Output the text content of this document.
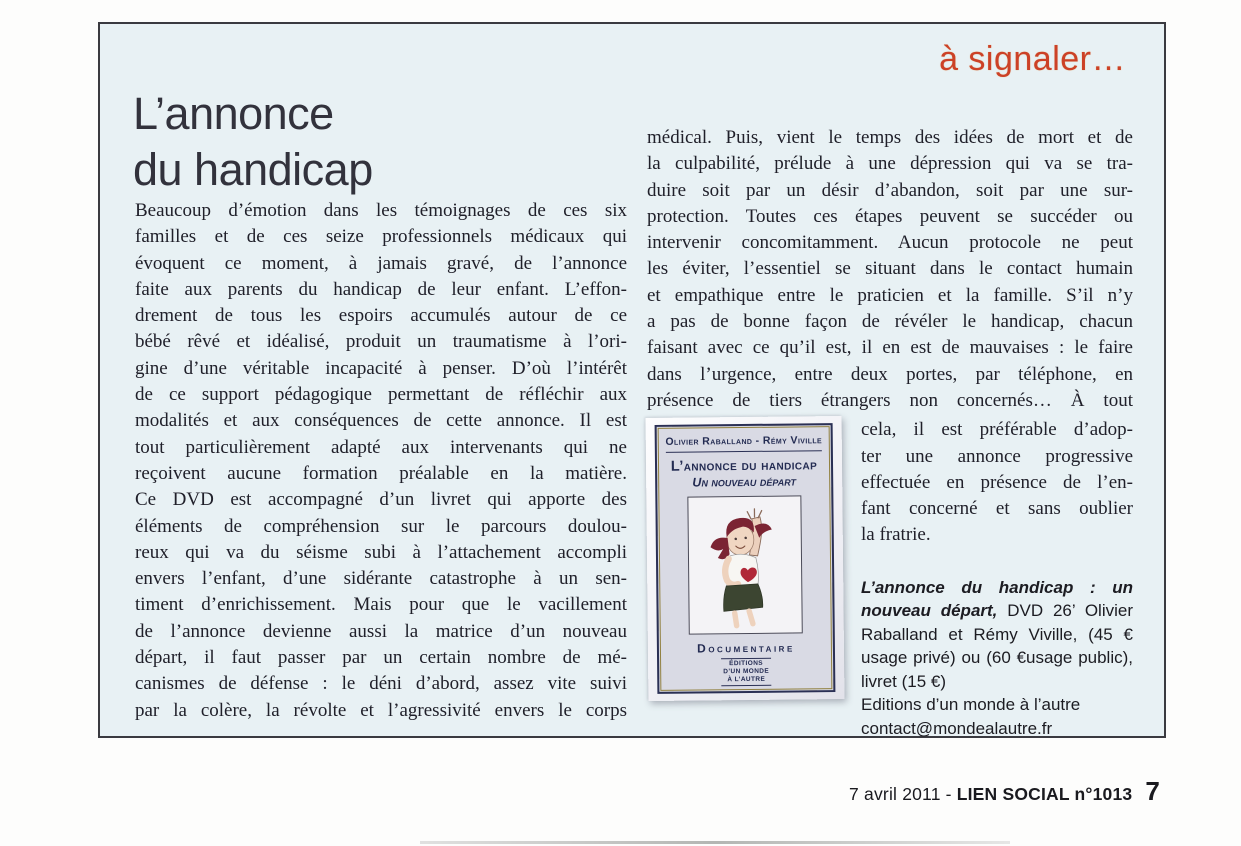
à signaler…
L’annonce
du handicap
Beaucoup d’émotion dans les témoignages de ces six
familles et de ces seize professionnels médicaux qui
évoquent ce moment, à jamais gravé, de l’annonce
faite aux parents du handicap de leur enfant. L’effon-
drement de tous les espoirs accumulés autour de ce
bébé rêvé et idéalisé, produit un traumatisme à l’ori-
gine d’une véritable incapacité à penser. D’où l’intérêt
de ce support pédagogique permettant de réfléchir aux
modalités et aux conséquences de cette annonce. Il est
tout particulièrement adapté aux intervenants qui ne
reçoivent aucune formation préalable en la matière.
Ce DVD est accompagné d’un livret qui apporte des
éléments de compréhension sur le parcours doulou-
reux qui va du séisme subi à l’attachement accompli
envers l’enfant, d’une sidérante catastrophe à un sen-
timent d’enrichissement. Mais pour que le vacillement
de l’annonce devienne aussi la matrice d’un nouveau
départ, il faut passer par un certain nombre de mé-
canismes de défense : le déni d’abord, assez vite suivi
par la colère, la révolte et l’agressivité envers le corps
médical. Puis, vient le temps des idées de mort et de
la culpabilité, prélude à une dépression qui va se tra-
duire soit par un désir d’abandon, soit par une sur-
protection. Toutes ces étapes peuvent se succéder ou
intervenir concomitamment. Aucun protocole ne peut
les éviter, l’essentiel se situant dans le contact humain
et empathique entre le praticien et la famille. S’il n’y
a pas de bonne façon de révéler le handicap, chacun
faisant avec ce qu’il est, il en est de mauvaises : le faire
dans l’urgence, entre deux portes, par téléphone, en
présence de tiers étrangers non concernés… À tout
Olivier Raballand - Rémy Viville
L’annonce du handicap
Un nouveau départ
Documentaire
ÉDITIONS
D’UN MONDE
À L’AUTRE
cela, il est préférable d’adop-
ter une annonce progressive
effectuée en présence de l’en-
fant concerné et sans oublier
la fratrie.
L’annonce du handicap : un nouveau départ, DVD 26’ Olivier Raballand et Rémy Viville, (45 € usage privé) ou (60 €usage public), livret (15 €)
Editions d’un monde à l’autre
contact@mondealautre.fr
7 avril 2011 - LIEN SOCIAL n°1013 7
